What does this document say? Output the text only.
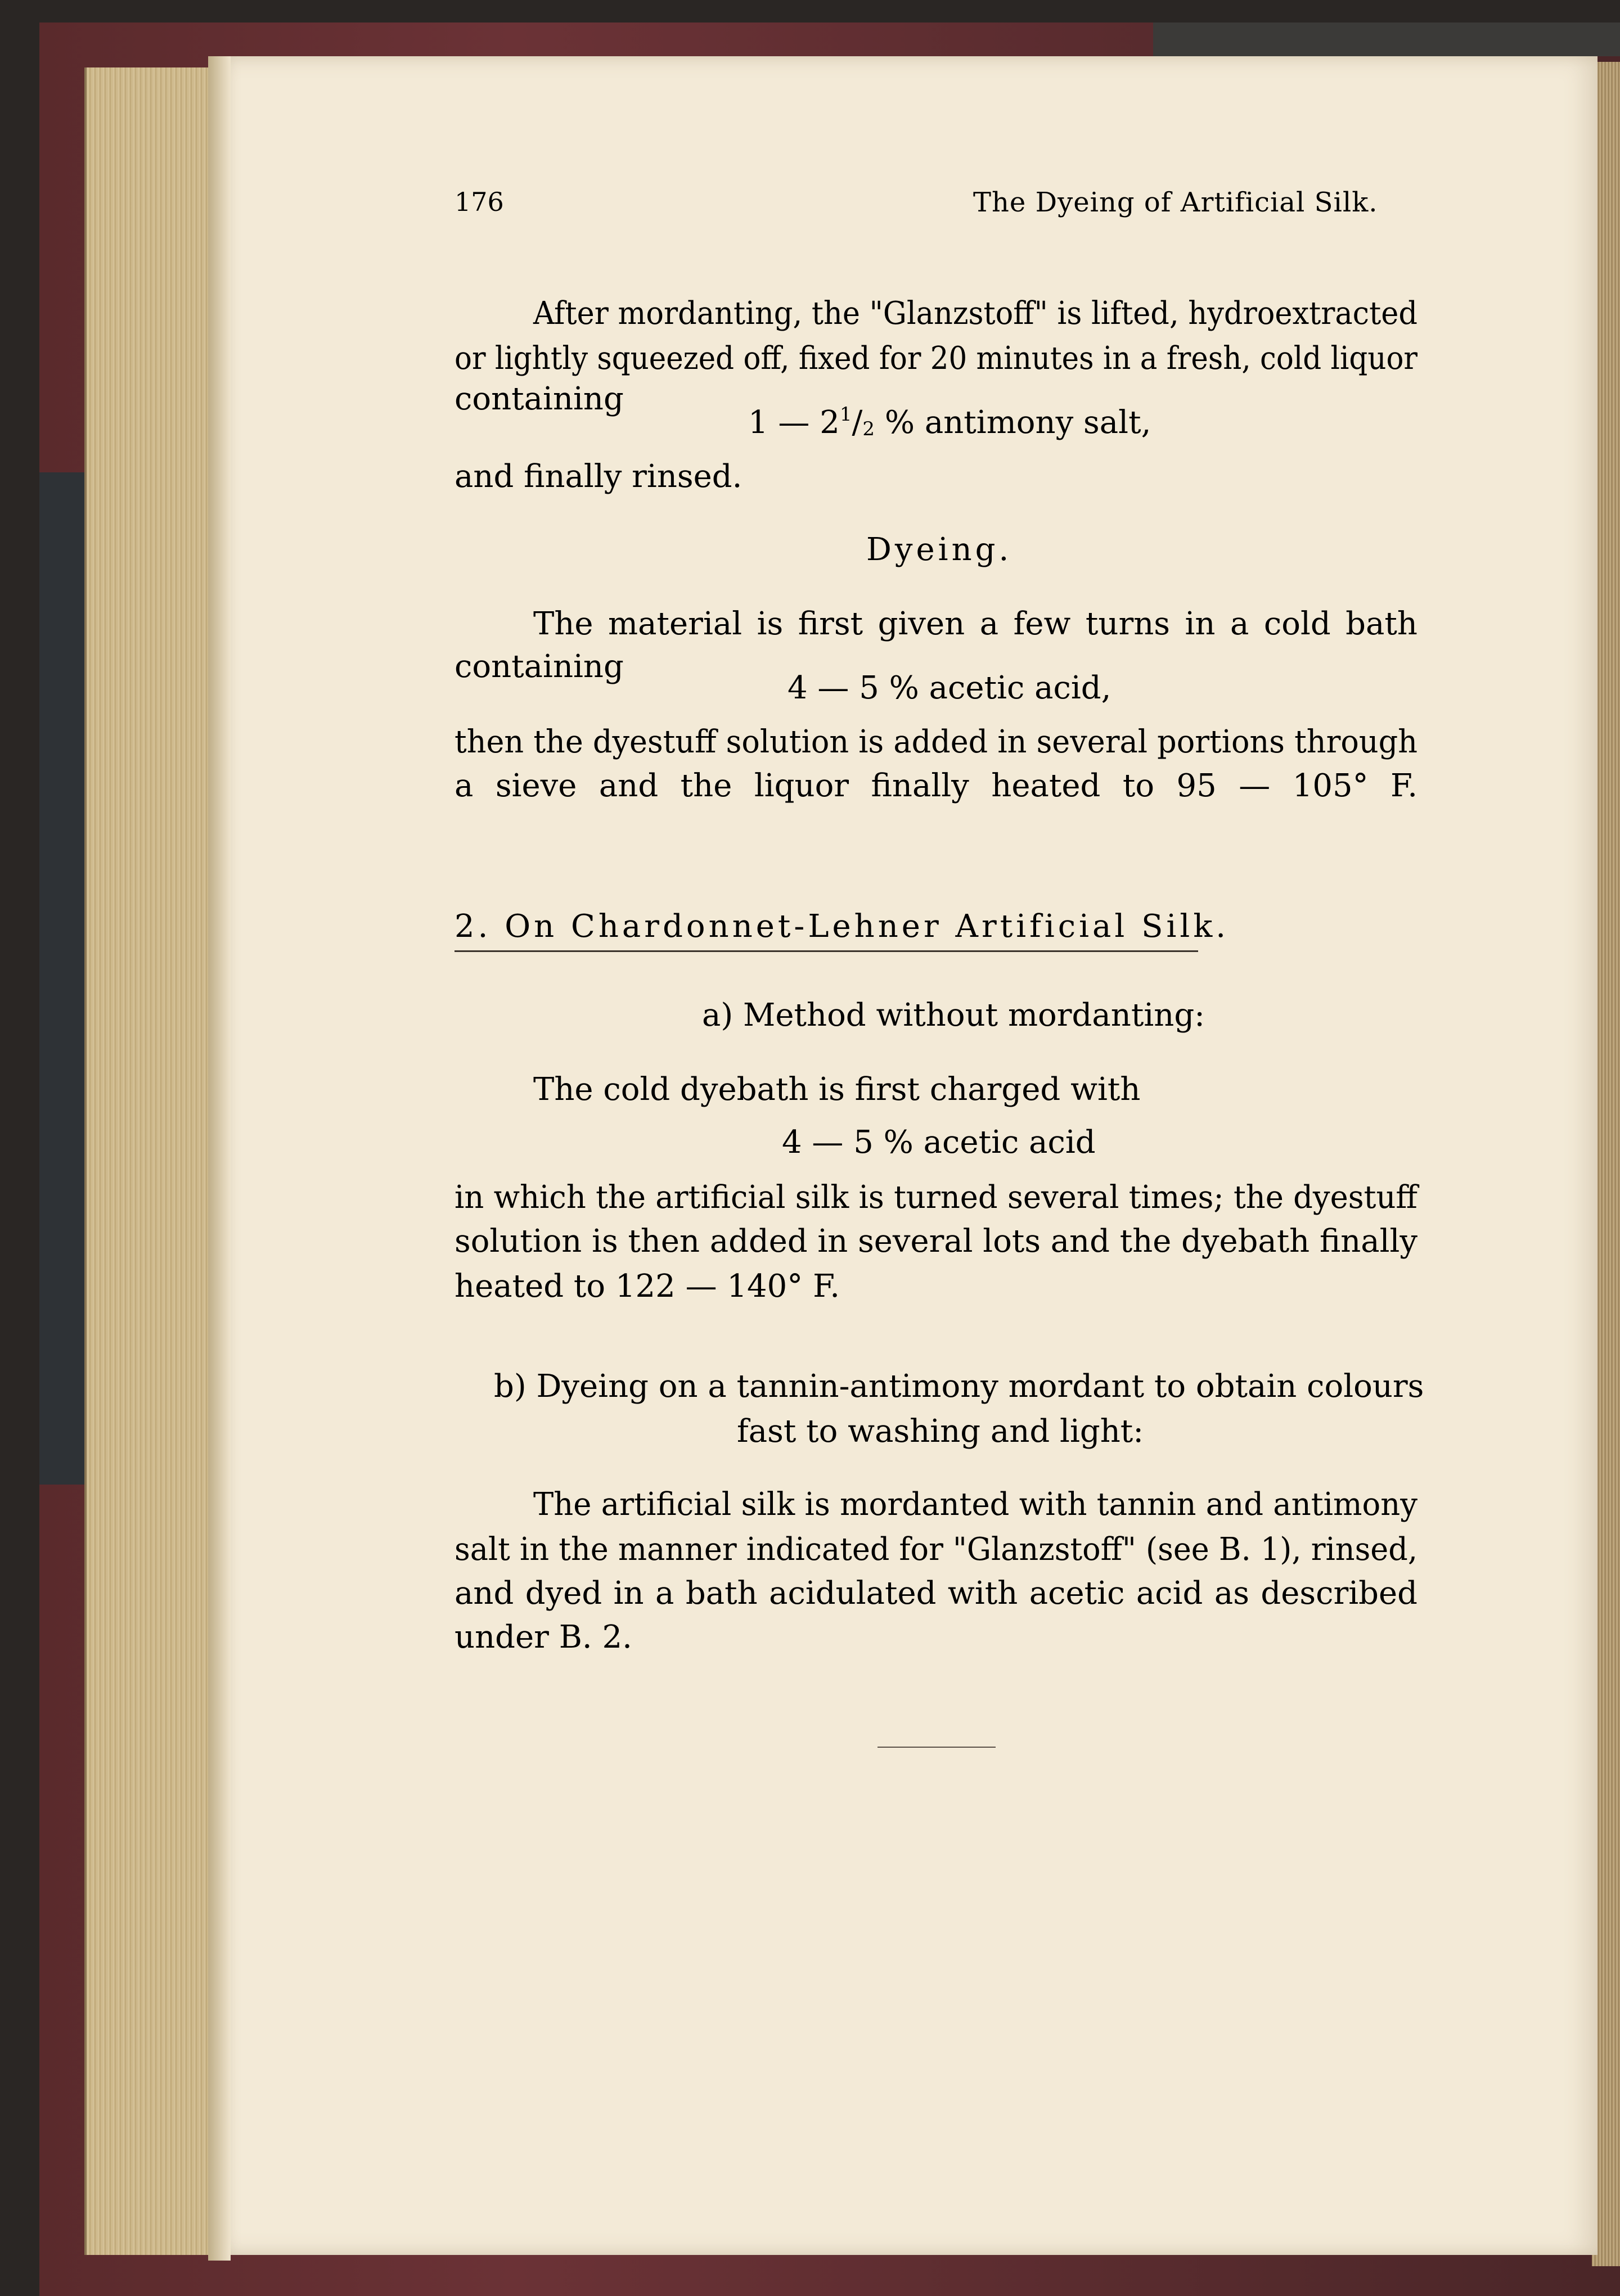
176	The Dyeing of Artificial Silk.
After mordanting, the "Glanzstoff" is lifted, hydroextracted
or lightly squeezed off, fixed for 20 minutes in a fresh, cold liquor
containing
1 — $2^1/2$ % antimony salt,
and finally rinsed.
Dyeing.
The material is first given a few turns in a cold bath
containing
4 — 5 % acetic acid,
then the dyestuff solution is added in several portions through
a sieve and the liquor finally heated to 95 — 105° F.
2. On Chardonnet-Lehner Artificial Silk.
a) Method without mordanting:
The cold dyebath is first charged with
4 — 5 % acetic acid
in which the artificial silk is turned several times; the dyestuff
solution is then added in several lots and the dyebath finally
heated to 122 — 140° F.
b) Dyeing on a tannin-antimony mordant to obtain colours
fast to washing and light:
The artificial silk is mordanted with tannin and antimony
salt in the manner indicated for "Glanzstoff" (see B. 1), rinsed,
and dyed in a bath acidulated with acetic acid as described
under B. 2.
